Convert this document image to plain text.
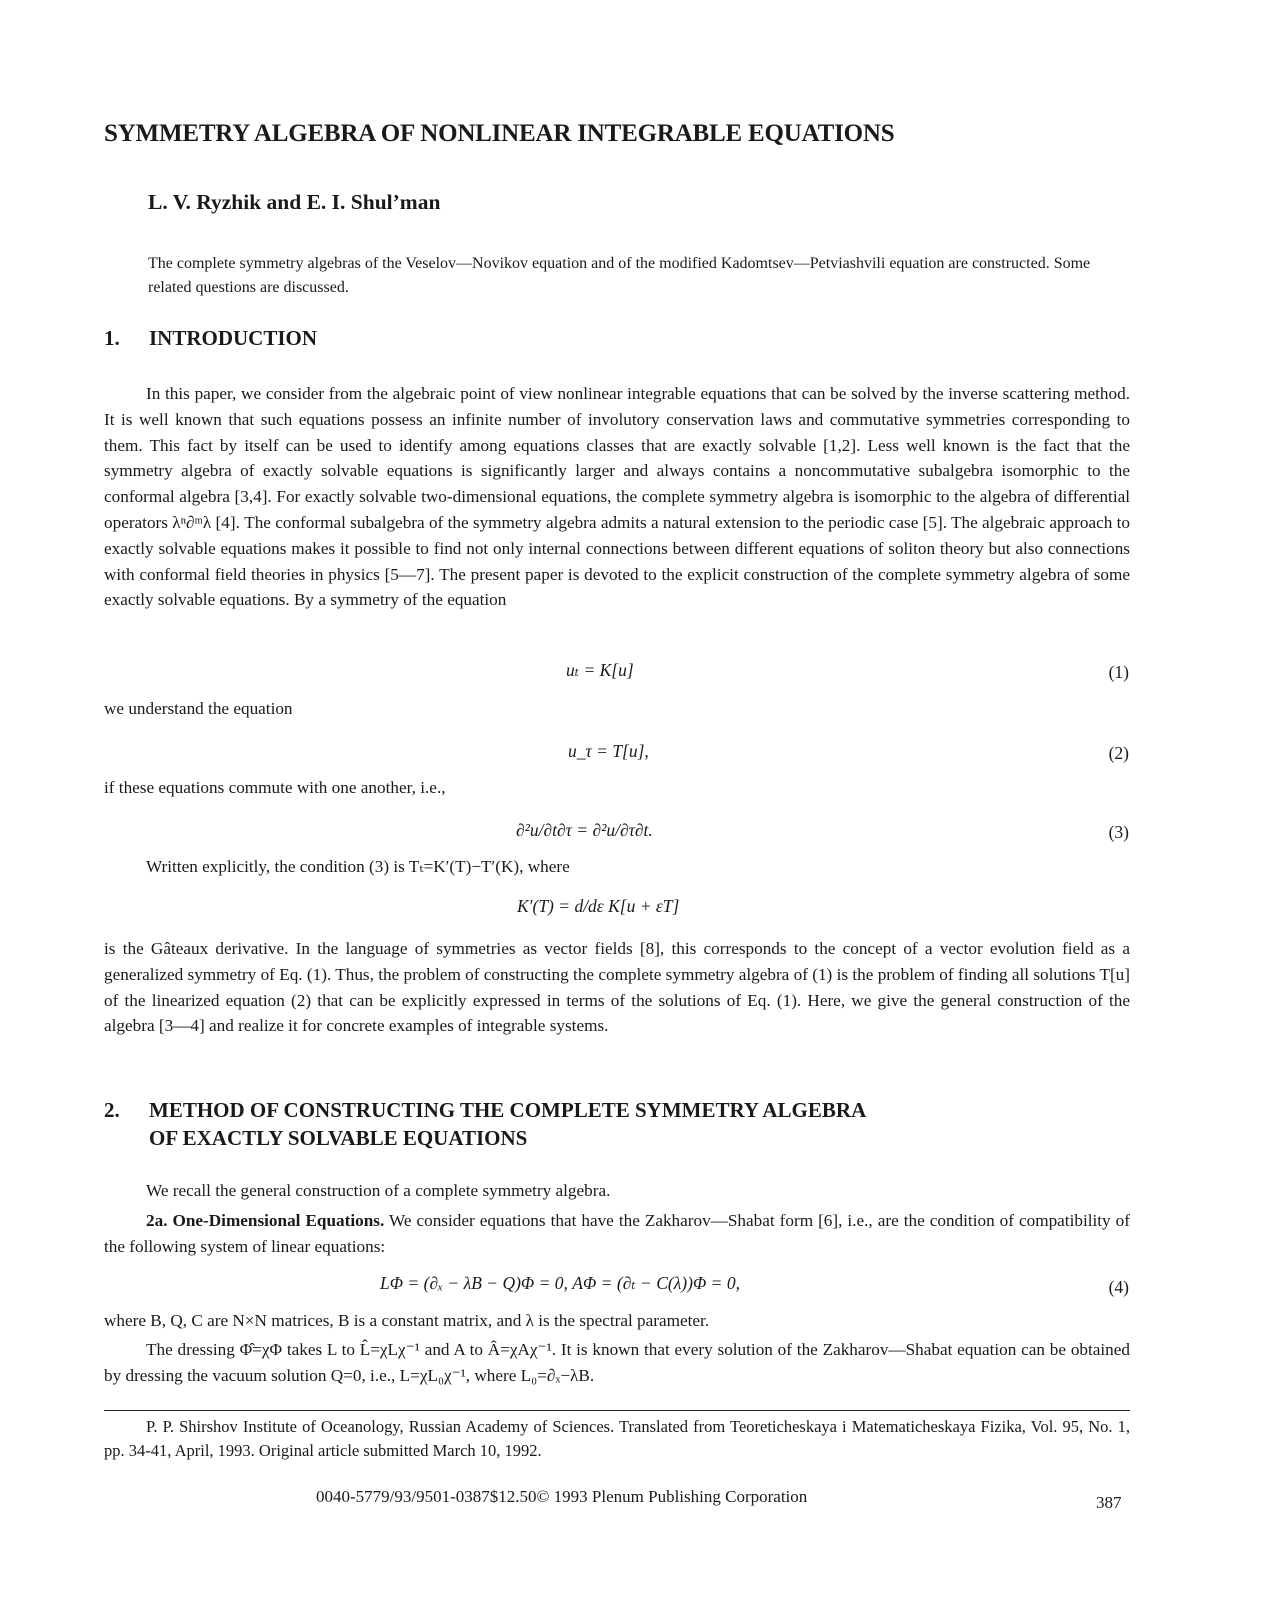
SYMMETRY ALGEBRA OF NONLINEAR INTEGRABLE EQUATIONS
L. V. Ryzhik and E. I. Shul’man
The complete symmetry algebras of the Veselov—Novikov equation and of the modified Kadomtsev—Petviashvili equation are constructed. Some related questions are discussed.
1. INTRODUCTION
In this paper, we consider from the algebraic point of view nonlinear integrable equations that can be solved by the inverse scattering method. It is well known that such equations possess an infinite number of involutory conservation laws and commutative symmetries corresponding to them. This fact by itself can be used to identify among equations classes that are exactly solvable [1,2]. Less well known is the fact that the symmetry algebra of exactly solvable equations is significantly larger and always contains a noncommutative subalgebra isomorphic to the conformal algebra [3,4]. For exactly solvable two-dimensional equations, the complete symmetry algebra is isomorphic to the algebra of differential operators λⁿ∂ᵐλ [4]. The conformal subalgebra of the symmetry algebra admits a natural extension to the periodic case [5]. The algebraic approach to exactly solvable equations makes it possible to find not only internal connections between different equations of soliton theory but also connections with conformal field theories in physics [5—7]. The present paper is devoted to the explicit construction of the complete symmetry algebra of some exactly solvable equations. By a symmetry of the equation
uₜ = K[u]	(1)
we understand the equation
u_τ = T[u],	(2)
if these equations commute with one another, i.e.,
∂²u/∂t∂τ = ∂²u/∂τ∂t.	(3)
Written explicitly, the condition (3) is Tₜ=K′(T)−T′(K), where
K′(T) = d/dε K[u + εT]
is the Gâteaux derivative. In the language of symmetries as vector fields [8], this corresponds to the concept of a vector evolution field as a generalized symmetry of Eq. (1). Thus, the problem of constructing the complete symmetry algebra of (1) is the problem of finding all solutions T[u] of the linearized equation (2) that can be explicitly expressed in terms of the solutions of Eq. (1). Here, we give the general construction of the algebra [3—4] and realize it for concrete examples of integrable systems.
2. METHOD OF CONSTRUCTING THE COMPLETE SYMMETRY ALGEBRA
OF EXACTLY SOLVABLE EQUATIONS
We recall the general construction of a complete symmetry algebra.
2a. One-Dimensional Equations. We consider equations that have the Zakharov—Shabat form [6], i.e., are the condition of compatibility of the following system of linear equations:
LΦ = (∂ₓ − λB − Q)Φ = 0, AΦ = (∂ₜ − C(λ))Φ = 0,	(4)
where B, Q, C are N×N matrices, B is a constant matrix, and λ is the spectral parameter.
The dressing Φ̂=χΦ takes L to L̂=χLχ⁻¹ and A to Â=χAχ⁻¹. It is known that every solution of the Zakharov—Shabat equation can be obtained by dressing the vacuum solution Q=0, i.e., L=χL₀χ⁻¹, where L₀=∂ₓ−λB.
P. P. Shirshov Institute of Oceanology, Russian Academy of Sciences. Translated from Teoreticheskaya i Matematicheskaya Fizika, Vol. 95, No. 1, pp. 34-41, April, 1993. Original article submitted March 10, 1992.
0040-5779/93/9501-0387$12.50© 1993 Plenum Publishing Corporation	387
